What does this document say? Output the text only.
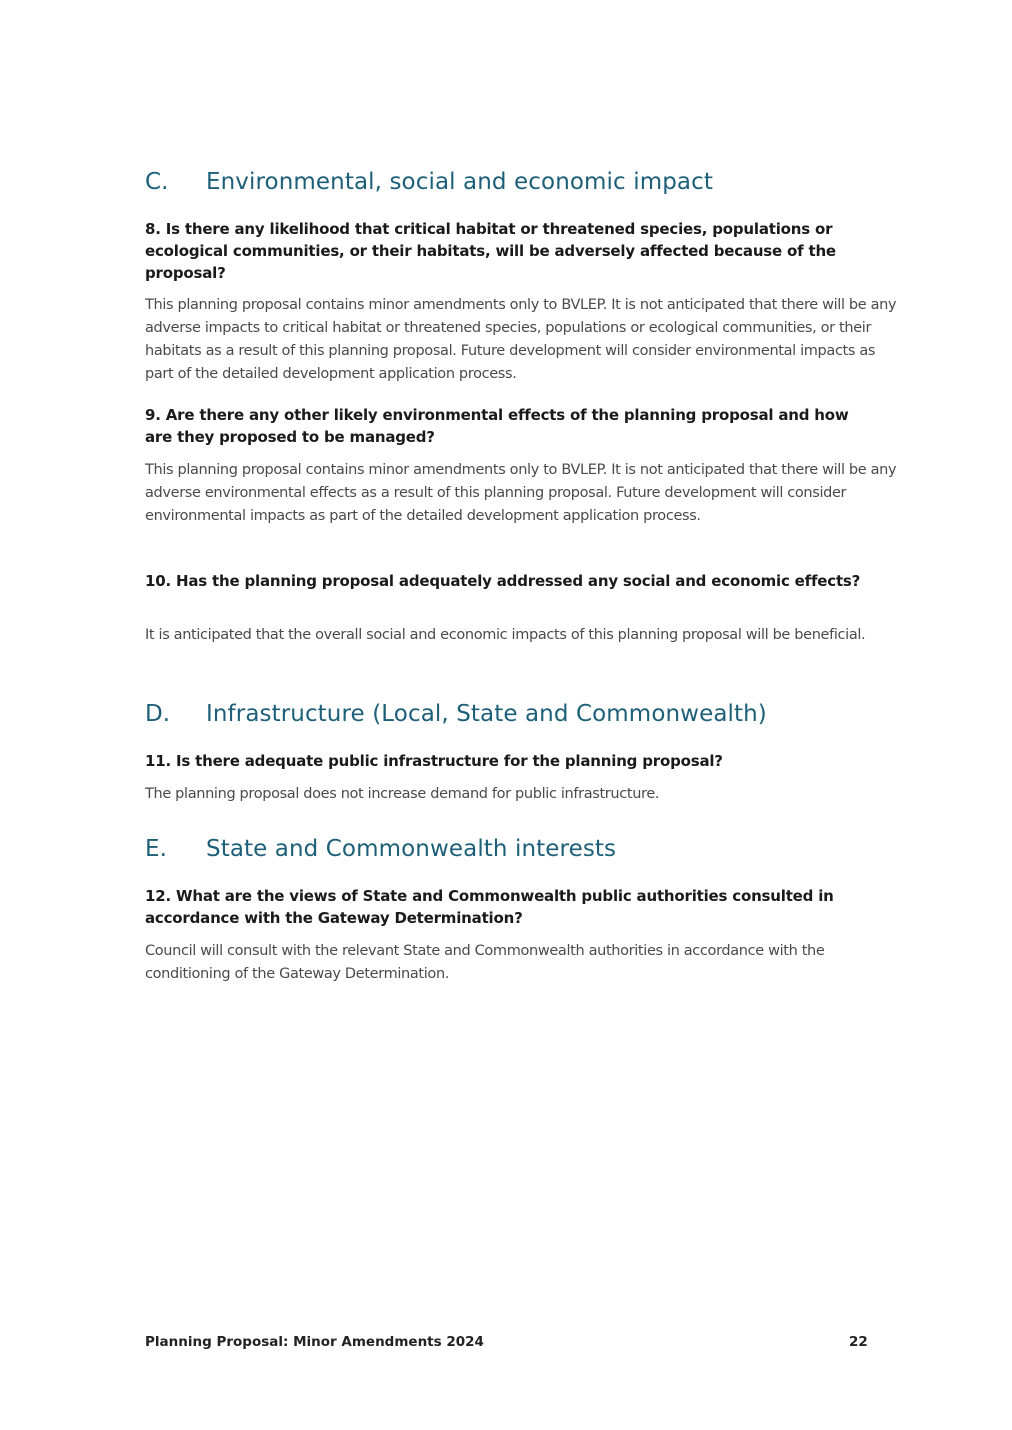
C. Environmental, social and economic impact
8. Is there any likelihood that critical habitat or threatened species, populations or ecological communities, or their habitats, will be adversely affected because of the proposal?
This planning proposal contains minor amendments only to BVLEP. It is not anticipated that there will be any adverse impacts to critical habitat or threatened species, populations or ecological communities, or their habitats as a result of this planning proposal. Future development will consider environmental impacts as part of the detailed development application process.
9. Are there any other likely environmental effects of the planning proposal and how are they proposed to be managed?
This planning proposal contains minor amendments only to BVLEP. It is not anticipated that there will be any adverse environmental effects as a result of this planning proposal. Future development will consider environmental impacts as part of the detailed development application process.
10. Has the planning proposal adequately addressed any social and economic effects?
It is anticipated that the overall social and economic impacts of this planning proposal will be beneficial.
D. Infrastructure (Local, State and Commonwealth)
11. Is there adequate public infrastructure for the planning proposal?
The planning proposal does not increase demand for public infrastructure.
E. State and Commonwealth interests
12. What are the views of State and Commonwealth public authorities consulted in accordance with the Gateway Determination?
Council will consult with the relevant State and Commonwealth authorities in accordance with the conditioning of the Gateway Determination.
Planning Proposal: Minor Amendments 2024	22
